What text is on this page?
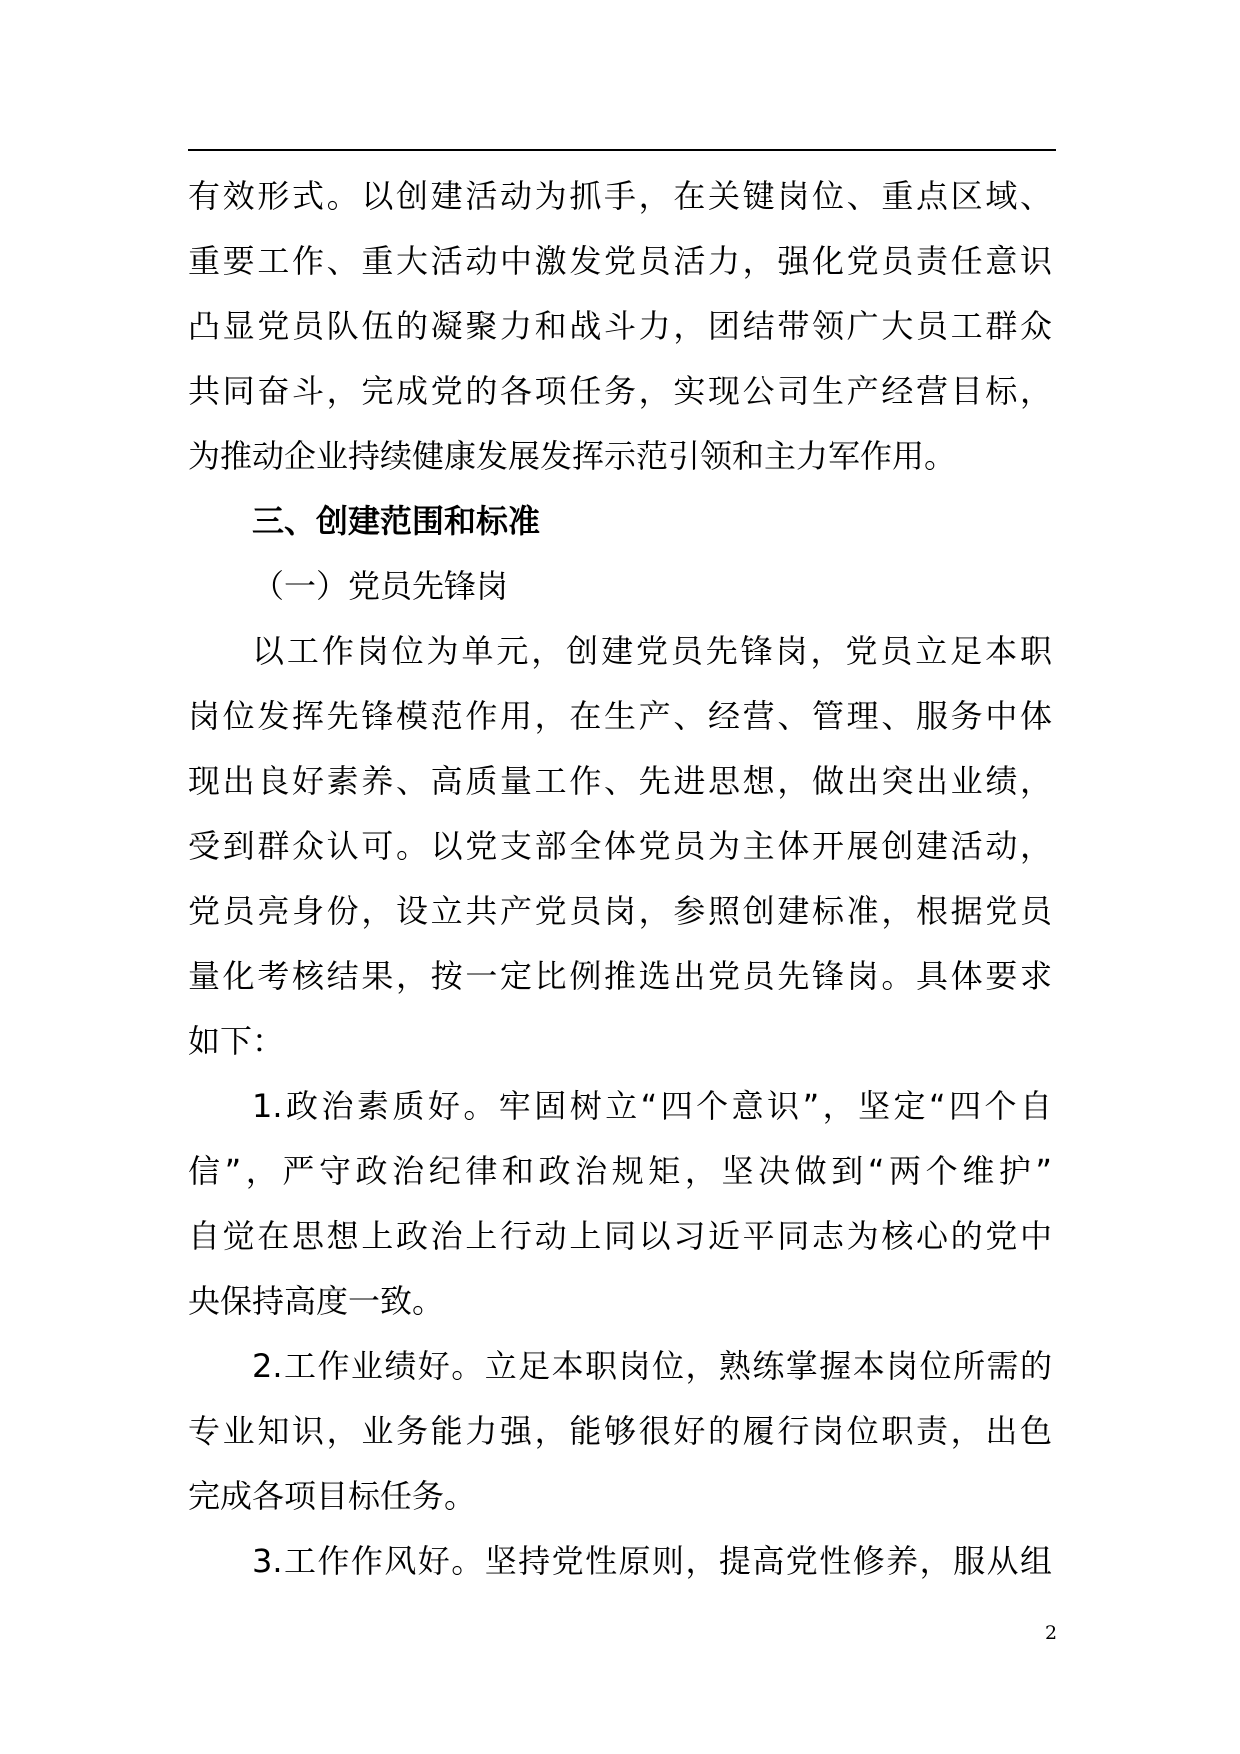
有效形式。以创建活动为抓手，在关键岗位、重点区域、
重要工作、重大活动中激发党员活力，强化党员责任意识
凸显党员队伍的凝聚力和战斗力，团结带领广大员工群众
共同奋斗，完成党的各项任务，实现公司生产经营目标，
为推动企业持续健康发展发挥示范引领和主力军作用。
三、创建范围和标准
（一）党员先锋岗
以工作岗位为单元，创建党员先锋岗，党员立足本职
岗位发挥先锋模范作用，在生产、经营、管理、服务中体
现出良好素养、高质量工作、先进思想，做出突出业绩，
受到群众认可。以党支部全体党员为主体开展创建活动，
党员亮身份，设立共产党员岗，参照创建标准，根据党员
量化考核结果，按一定比例推选出党员先锋岗。具体要求
如下：
1.政治素质好。牢固树立“四个意识”，坚定“四个自
信”，严守政治纪律和政治规矩，坚决做到“两个维护”
自觉在思想上政治上行动上同以习近平同志为核心的党中
央保持高度一致。
2.工作业绩好。立足本职岗位，熟练掌握本岗位所需的
专业知识，业务能力强，能够很好的履行岗位职责，出色
完成各项目标任务。
3.工作作风好。坚持党性原则，提高党性修养，服从组
2
